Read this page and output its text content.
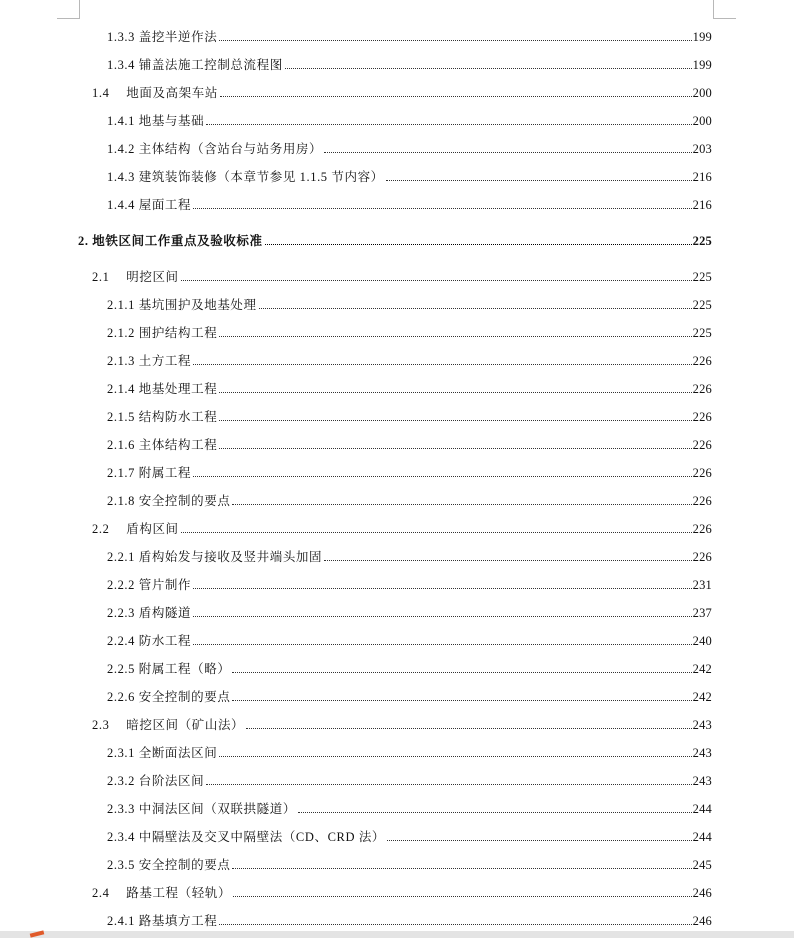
1.3.3 盖挖半逆作法	199
1.3.4 铺盖法施工控制总流程图	199
1.4　 地面及高架车站	200
1.4.1 地基与基础	200
1.4.2 主体结构（含站台与站务用房）	203
1.4.3 建筑装饰装修（本章节参见 1.1.5 节内容）	216
1.4.4 屋面工程	216
2. 地铁区间工作重点及验收标准	225
2.1　 明挖区间	225
2.1.1 基坑围护及地基处理	225
2.1.2 围护结构工程	225
2.1.3 土方工程	226
2.1.4 地基处理工程	226
2.1.5 结构防水工程	226
2.1.6 主体结构工程	226
2.1.7 附属工程	226
2.1.8 安全控制的要点	226
2.2　 盾构区间	226
2.2.1 盾构始发与接收及竖井端头加固	226
2.2.2 管片制作	231
2.2.3 盾构隧道	237
2.2.4 防水工程	240
2.2.5 附属工程（略）	242
2.2.6 安全控制的要点	242
2.3　 暗挖区间（矿山法）	243
2.3.1 全断面法区间	243
2.3.2 台阶法区间	243
2.3.3 中洞法区间（双联拱隧道）	244
2.3.4 中隔壁法及交叉中隔壁法（CD、CRD 法）	244
2.3.5 安全控制的要点	245
2.4　 路基工程（轻轨）	246
2.4.1 路基填方工程	246
